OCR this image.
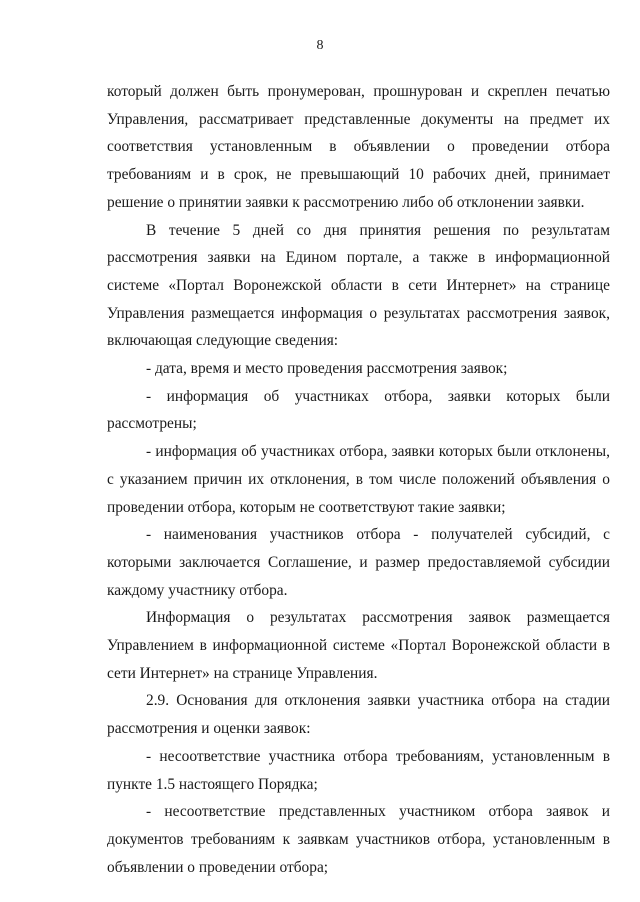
8

который должен быть пронумерован, прошнурован и скреплен печатью Управления, рассматривает представленные документы на предмет их соответствия установленным в объявлении о проведении отбора требованиям и в срок, не превышающий 10 рабочих дней, принимает решение о принятии заявки к рассмотрению либо об отклонении заявки.

В течение 5 дней со дня принятия решения по результатам рассмотрения заявки на Едином портале, а также в информационной системе «Портал Воронежской области в сети Интернет» на странице Управления размещается информация о результатах рассмотрения заявок, включающая следующие сведения:

- дата, время и место проведения рассмотрения заявок;

- информация об участниках отбора, заявки которых были рассмотрены;

- информация об участниках отбора, заявки которых были отклонены, с указанием причин их отклонения, в том числе положений объявления о проведении отбора, которым не соответствуют такие заявки;

- наименования участников отбора - получателей субсидий, с которыми заключается Соглашение, и размер предоставляемой субсидии каждому участнику отбора.

Информация о результатах рассмотрения заявок размещается Управлением в информационной системе «Портал Воронежской области в сети Интернет» на странице Управления.

2.9. Основания для отклонения заявки участника отбора на стадии рассмотрения и оценки заявок:

- несоответствие участника отбора требованиям, установленным в пункте 1.5 настоящего Порядка;

- несоответствие представленных участником отбора заявок и документов требованиям к заявкам участников отбора, установленным в объявлении о проведении отбора;
